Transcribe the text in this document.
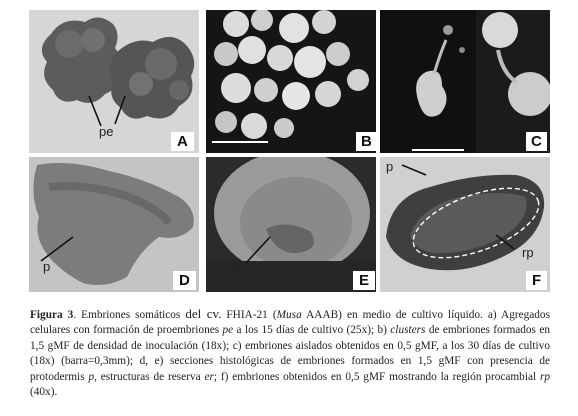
pe
A	B	C
p
D
er
E
p
rp
F
Figura 3. Embriones somáticos del cv. FHIA-21 (Musa AAAB) en medio de cultivo líquido. a) Agregados celulares con formación de proembriones pe a los 15 días de cultivo (25x); b) clusters de embriones formados en 1,5 gMF de densidad de inoculación (18x); c) embriones aislados obtenidos en 0,5 gMF, a los 30 días de cultivo (18x) (barra=0,3mm); d, e) secciones histológicas de embriones formados en 1,5 gMF con presencia de protodermis p, estructuras de reserva er; f) embriones obtenidos en 0,5 gMF mostrando la región procambial rp (40x).
